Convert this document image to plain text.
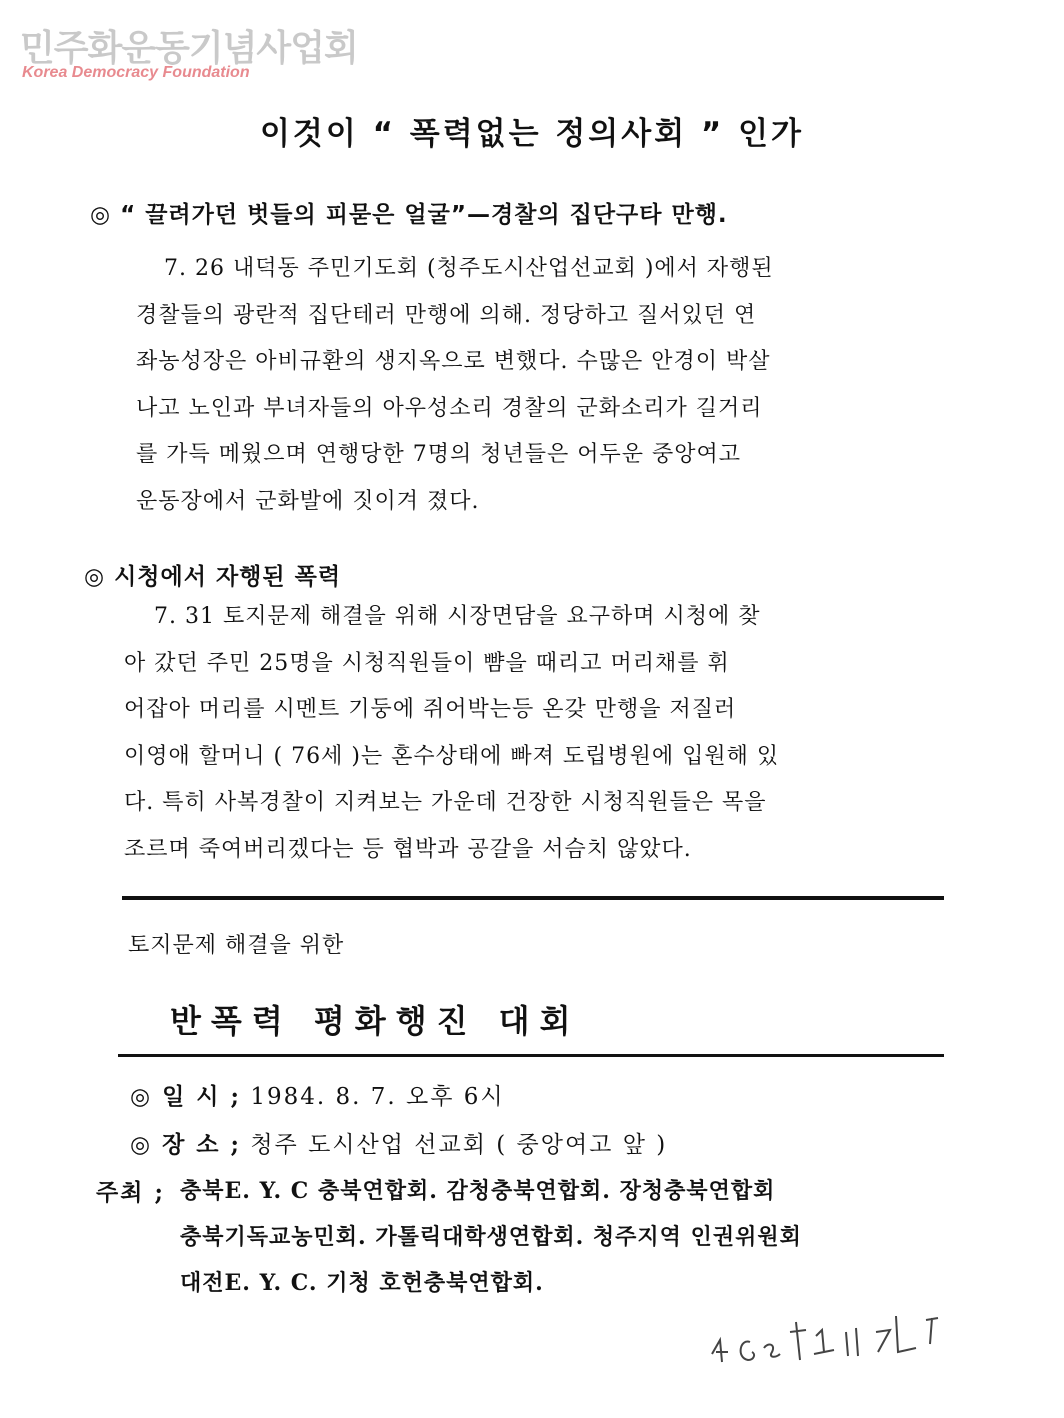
민주화운동기념사업회
Korea Democracy Foundation
이것이 “ 폭력없는 정의사회 ” 인가
◎ “ 끌려가던 벗들의 피묻은 얼굴”—경찰의 집단구타 만행.
7. 26 내덕동 주민기도회 (청주도시산업선교회 )에서 자행된
경찰들의 광란적 집단테러 만행에 의해. 정당하고 질서있던 연
좌농성장은 아비규환의 생지옥으로 변했다. 수많은 안경이 박살
나고 노인과 부녀자들의 아우성소리 경찰의 군화소리가 길거리
를 가득 메웠으며 연행당한 7명의 청년들은 어두운 중앙여고
운동장에서 군화발에 짓이겨 졌다.
◎ 시청에서 자행된 폭력
7. 31 토지문제 해결을 위해 시장면담을 요구하며 시청에 찾
아 갔던 주민 25명을 시청직원들이 뺨을 때리고 머리채를 휘
어잡아 머리를 시멘트 기둥에 쥐어박는등 온갖 만행을 저질러
이영애 할머니 ( 76세 )는 혼수상태에 빠져 도립병원에 입원해 있
다. 특히 사복경찰이 지켜보는 가운데 건장한 시청직원들은 목을
조르며 죽여버리겠다는 등 협박과 공갈을 서슴치 않았다.
토지문제 해결을 위한
반폭력 평화행진 대회
◎ 일 시 ; 1984. 8. 7. 오후 6시
◎ 장 소 ; 청주 도시산업 선교회 ( 중앙여고 앞 )
주최 ; 충북E. Y. C 충북연합회. 감청충북연합회. 장청충북연합회
충북기독교농민회. 가톨릭대학생연합회. 청주지역 인권위원회
대전E. Y. C. 기청 호헌충북연합회.
